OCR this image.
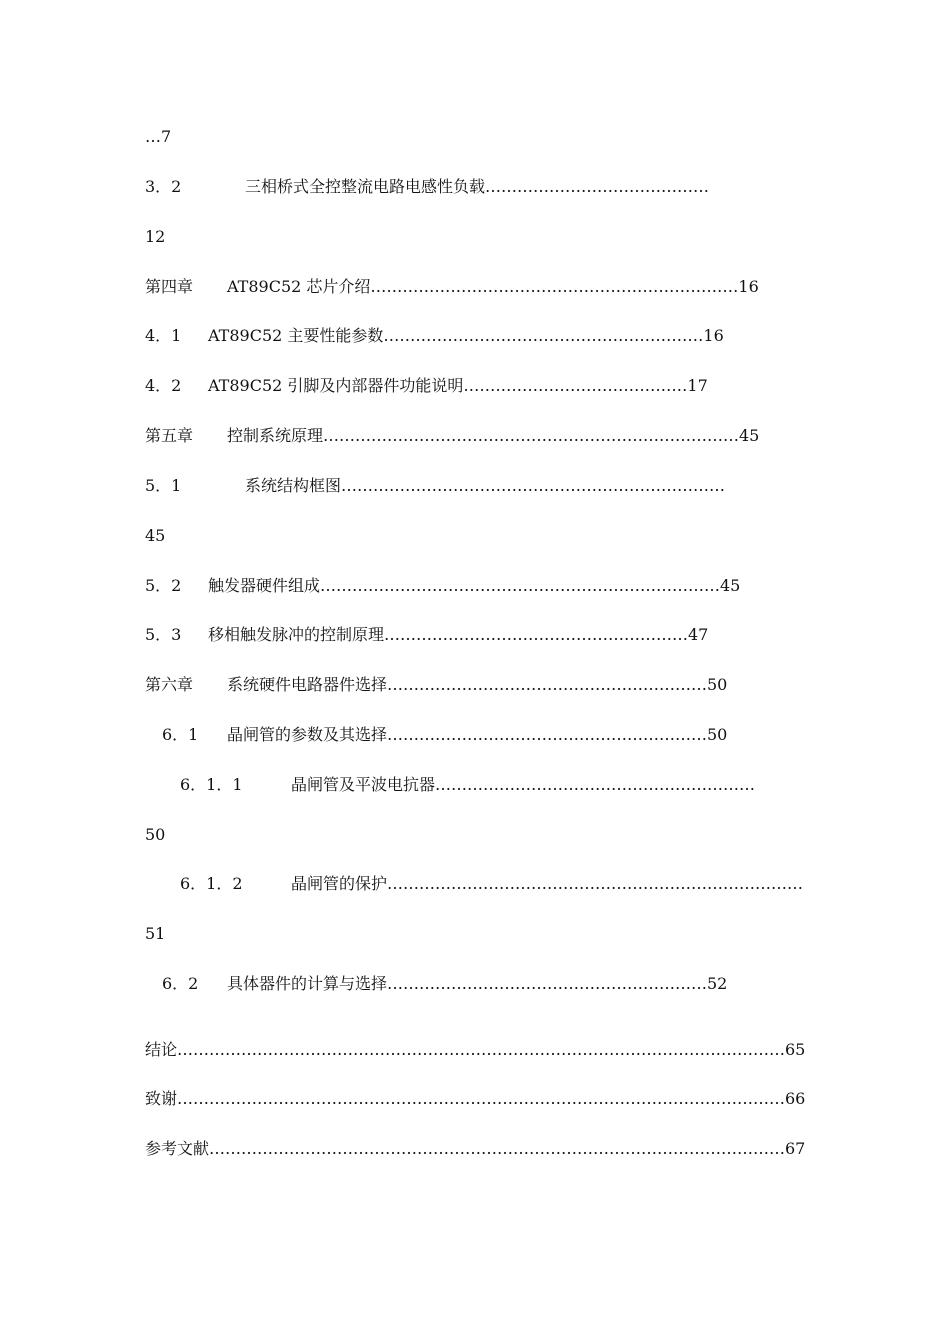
…7
3．2	三相桥式全控整流电路电感性负载……………………………………
12
第四章 AT89C52 芯片介绍……………………………………………………………16
4．1 AT89C52 主要性能参数……………………………………………………16
4．2 AT89C52 引脚及内部器件功能说明……………………………………17
第五章 控制系统原理……………………………………………………………………45
5．1	系统结构框图………………………………………………………………
45
5．2 触发器硬件组成…………………………………………………………………45
5．3 移相触发脉冲的控制原理…………………………………………………47
第六章 系统硬件电路器件选择……………………………………………………50
6．1 晶闸管的参数及其选择……………………………………………………50
6．1．1	晶闸管及平波电抗器……………………………………………………
50
6．1．2	晶闸管的保护……………………………………………………………………
51
6．2 具体器件的计算与选择……………………………………………………52
结论……………………………………………………………………………………………………65
致谢……………………………………………………………………………………………………66
参考文献………………………………………………………………………………………………67
